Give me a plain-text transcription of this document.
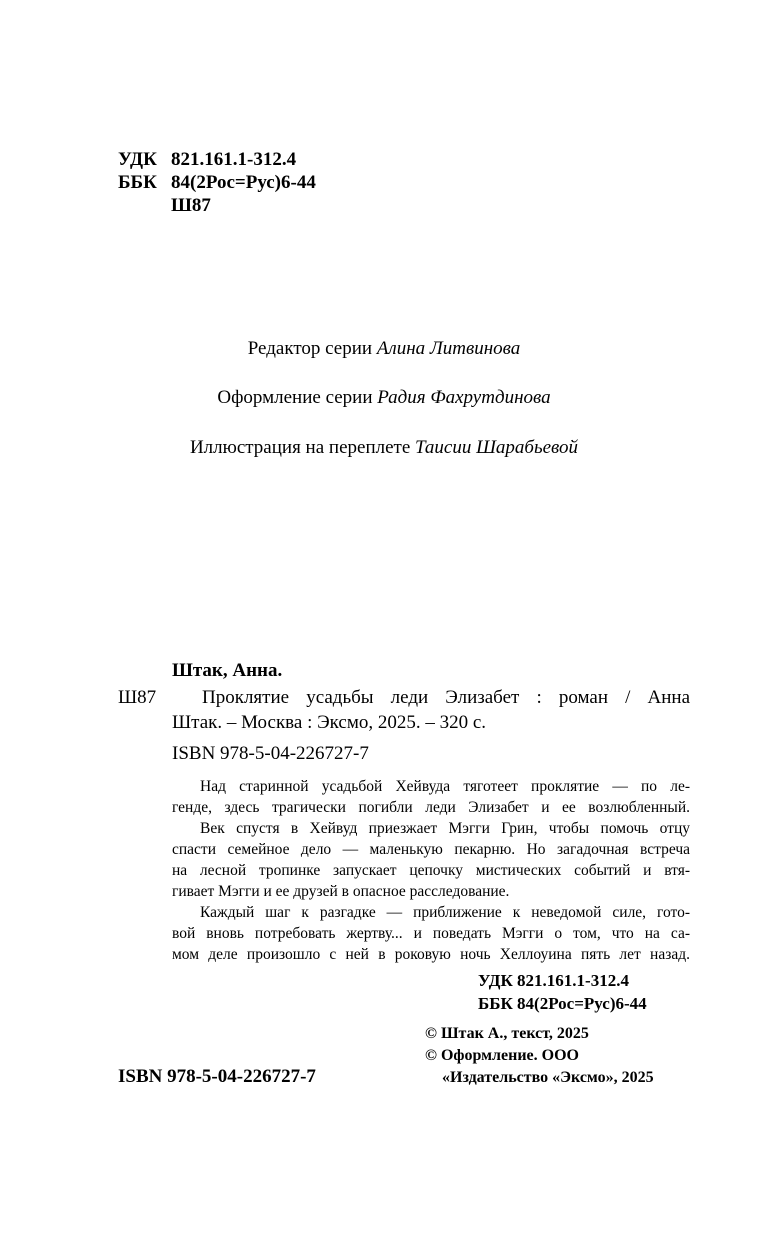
УДК 821.161.1-312.4
ББК 84(2Рос=Рус)6-44
Ш87
Редактор серии Алина Литвинова
Оформление серии Радия Фахрутдинова
Иллюстрация на переплете Таисии Шарабьевой
Штак, Анна.
Ш87 Проклятие усадьбы леди Элизабет : роман / Анна
Штак. – Москва : Эксмо, 2025. – 320 с.
ISBN 978-5-04-226727-7
Над старинной усадьбой Хейвуда тяготеет проклятие — по ле-
генде, здесь трагически погибли леди Элизабет и ее возлюбленный.
Век спустя в Хейвуд приезжает Мэгги Грин, чтобы помочь отцу
спасти семейное дело — маленькую пекарню. Но загадочная встреча
на лесной тропинке запускает цепочку мистических событий и втя-
гивает Мэгги и ее друзей в опасное расследование.
Каждый шаг к разгадке — приближение к неведомой силе, гото-
вой вновь потребовать жертву... и поведать Мэгги о том, что на са-
мом деле произошло с ней в роковую ночь Хеллоуина пять лет назад.
УДК 821.161.1-312.4
ББК 84(2Рос=Рус)6-44
© Штак А., текст, 2025
© Оформление. ООО
«Издательство «Эксмо», 2025
ISBN 978-5-04-226727-7
